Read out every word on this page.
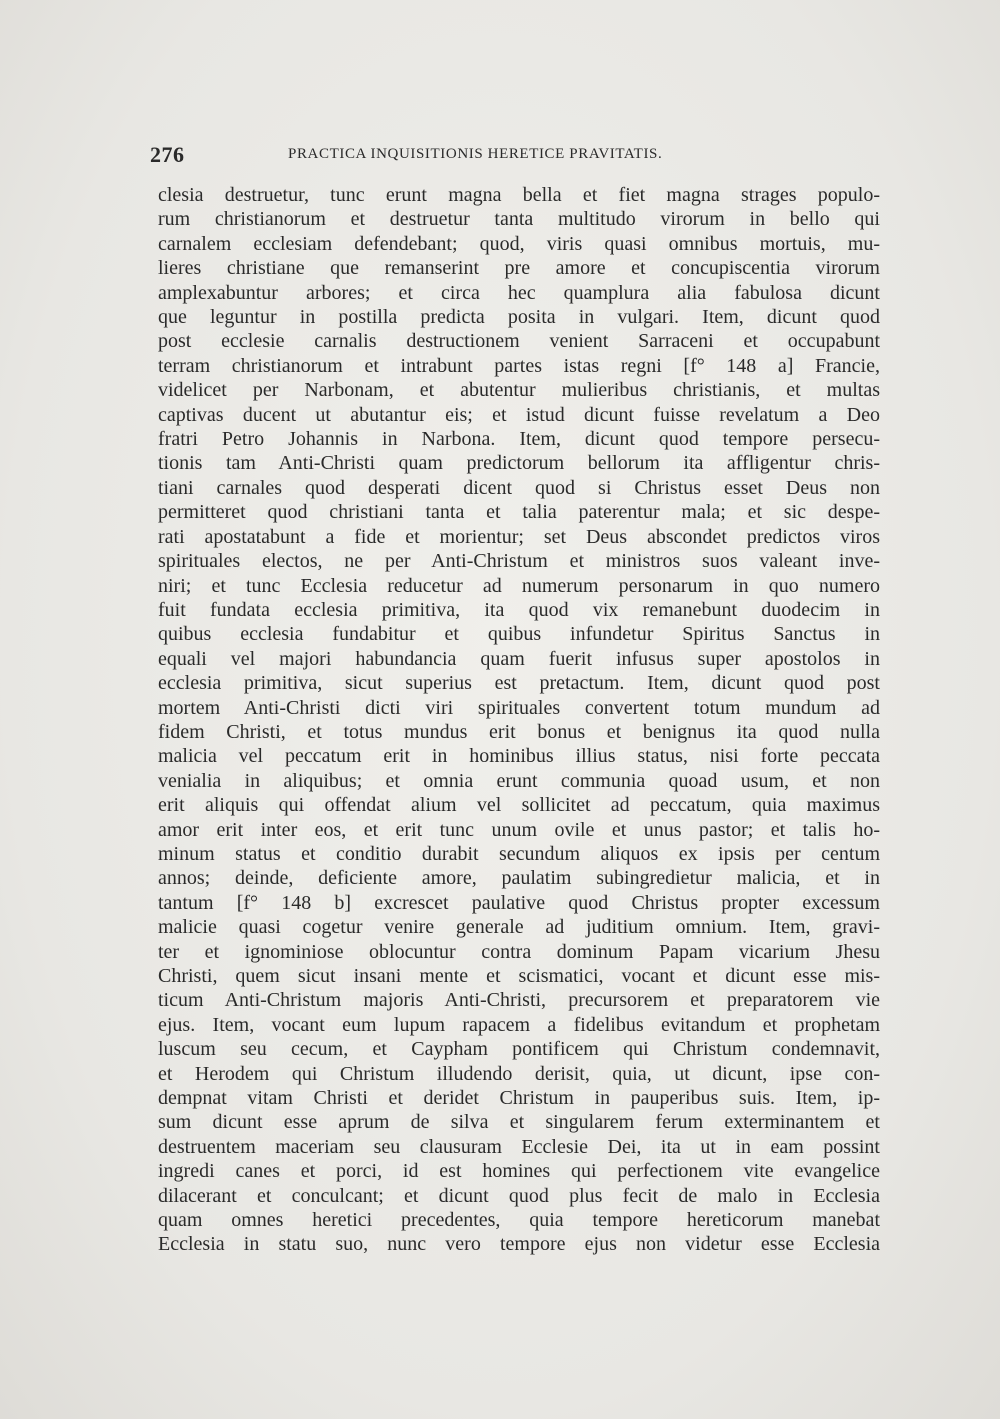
276	PRACTICA INQUISITIONIS HERETICE PRAVITATIS.
clesia destruetur, tunc erunt magna bella et fiet magna strages populo-
rum christianorum et destruetur tanta multitudo virorum in bello qui
carnalem ecclesiam defendebant; quod, viris quasi omnibus mortuis, mu-
lieres christiane que remanserint pre amore et concupiscentia virorum
amplexabuntur arbores; et circa hec quamplura alia fabulosa dicunt
que leguntur in postilla predicta posita in vulgari. Item, dicunt quod
post ecclesie carnalis destructionem venient Sarraceni et occupabunt
terram christianorum et intrabunt partes istas regni [f° 148 a] Francie,
videlicet per Narbonam, et abutentur mulieribus christianis, et multas
captivas ducent ut abutantur eis; et istud dicunt fuisse revelatum a Deo
fratri Petro Johannis in Narbona. Item, dicunt quod tempore persecu-
tionis tam Anti-Christi quam predictorum bellorum ita affligentur chris-
tiani carnales quod desperati dicent quod si Christus esset Deus non
permitteret quod christiani tanta et talia paterentur mala; et sic despe-
rati apostatabunt a fide et morientur; set Deus abscondet predictos viros
spirituales electos, ne per Anti-Christum et ministros suos valeant inve-
niri; et tunc Ecclesia reducetur ad numerum personarum in quo numero
fuit fundata ecclesia primitiva, ita quod vix remanebunt duodecim in
quibus ecclesia fundabitur et quibus infundetur Spiritus Sanctus in
equali vel majori habundancia quam fuerit infusus super apostolos in
ecclesia primitiva, sicut superius est pretactum. Item, dicunt quod post
mortem Anti-Christi dicti viri spirituales convertent totum mundum ad
fidem Christi, et totus mundus erit bonus et benignus ita quod nulla
malicia vel peccatum erit in hominibus illius status, nisi forte peccata
venialia in aliquibus; et omnia erunt communia quoad usum, et non
erit aliquis qui offendat alium vel sollicitet ad peccatum, quia maximus
amor erit inter eos, et erit tunc unum ovile et unus pastor; et talis ho-
minum status et conditio durabit secundum aliquos ex ipsis per centum
annos; deinde, deficiente amore, paulatim subingredietur malicia, et in
tantum [f° 148 b] excrescet paulative quod Christus propter excessum
malicie quasi cogetur venire generale ad juditium omnium. Item, gravi-
ter et ignominiose oblocuntur contra dominum Papam vicarium Jhesu
Christi, quem sicut insani mente et scismatici, vocant et dicunt esse mis-
ticum Anti-Christum majoris Anti-Christi, precursorem et preparatorem vie
ejus. Item, vocant eum lupum rapacem a fidelibus evitandum et prophetam
luscum seu cecum, et Caypham pontificem qui Christum condemnavit,
et Herodem qui Christum illudendo derisit, quia, ut dicunt, ipse con-
dempnat vitam Christi et deridet Christum in pauperibus suis. Item, ip-
sum dicunt esse aprum de silva et singularem ferum exterminantem et
destruentem maceriam seu clausuram Ecclesie Dei, ita ut in eam possint
ingredi canes et porci, id est homines qui perfectionem vite evangelice
dilacerant et conculcant; et dicunt quod plus fecit de malo in Ecclesia
quam omnes heretici precedentes, quia tempore hereticorum manebat
Ecclesia in statu suo, nunc vero tempore ejus non videtur esse Ecclesia
